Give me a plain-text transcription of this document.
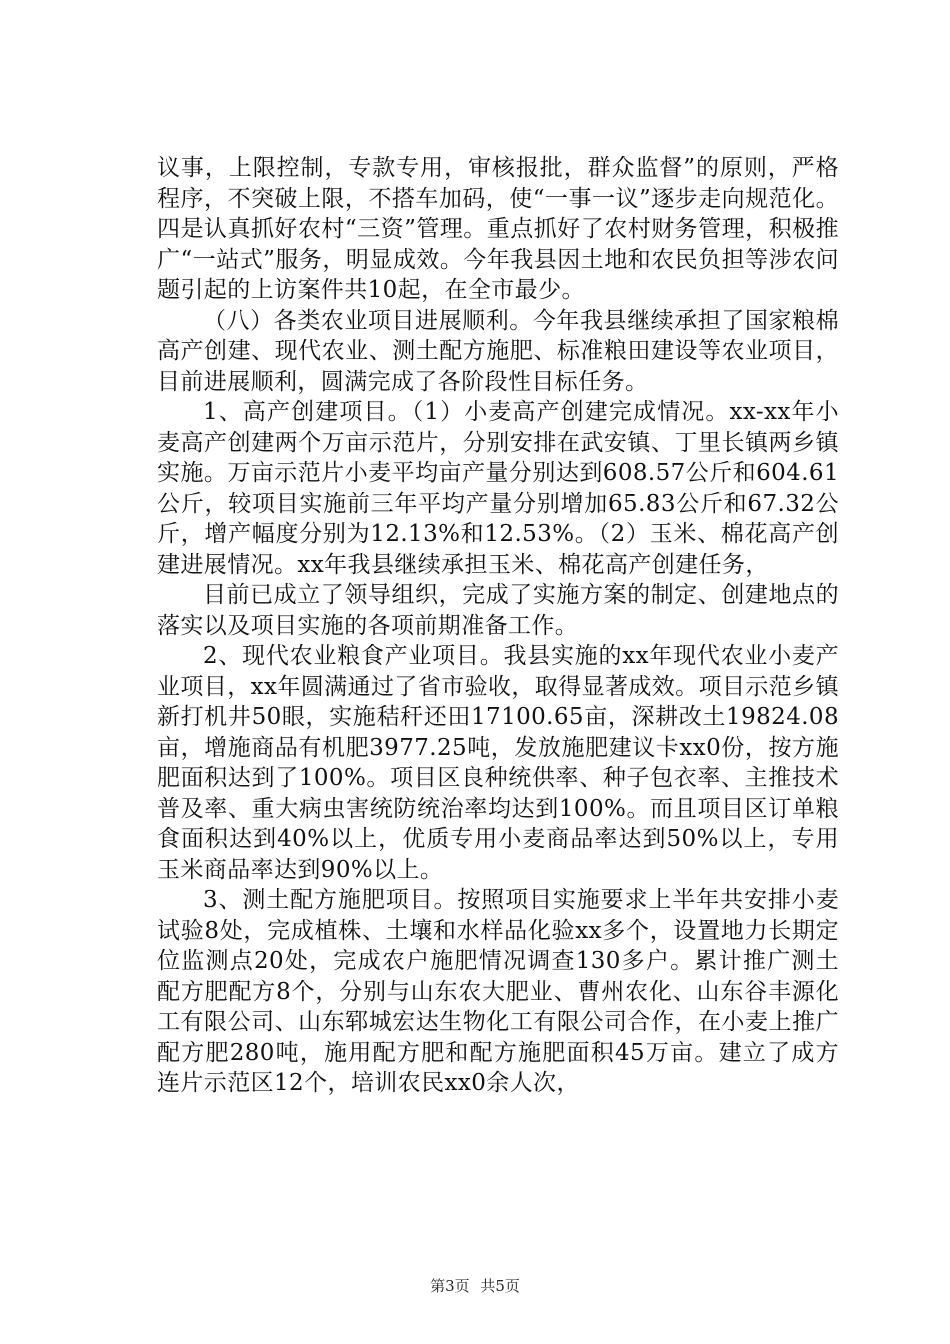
议事，上限控制，专款专用，审核报批，群众监督”的原则，严格程序，不突破上限，不搭车加码，使“一事一议”逐步走向规范化。四是认真抓好农村“三资”管理。重点抓好了农村财务管理，积极推广“一站式”服务，明显成效。今年我县因土地和农民负担等涉农问题引起的上访案件共10起，在全市最少。

（八）各类农业项目进展顺利。今年我县继续承担了国家粮棉高产创建、现代农业、测土配方施肥、标准粮田建设等农业项目，目前进展顺利，圆满完成了各阶段性目标任务。

1、高产创建项目。（1）小麦高产创建完成情况。xx-xx年小麦高产创建两个万亩示范片，分别安排在武安镇、丁里长镇两乡镇实施。万亩示范片小麦平均亩产量分别达到608.57公斤和604.61公斤，较项目实施前三年平均产量分别增加65.83公斤和67.32公斤，增产幅度分别为12.13%和12.53%。（2）玉米、棉花高产创建进展情况。xx年我县继续承担玉米、棉花高产创建任务，

目前已成立了领导组织，完成了实施方案的制定、创建地点的落实以及项目实施的各项前期准备工作。

2、现代农业粮食产业项目。我县实施的xx年现代农业小麦产业项目，xx年圆满通过了省市验收，取得显著成效。项目示范乡镇新打机井50眼，实施秸秆还田17100.65亩，深耕改土19824.08亩，增施商品有机肥3977.25吨，发放施肥建议卡xx0份，按方施肥面积达到了100%。项目区良种统供率、种子包衣率、主推技术普及率、重大病虫害统防统治率均达到100%。而且项目区订单粮食面积达到40%以上，优质专用小麦商品率达到50%以上，专用玉米商品率达到90%以上。

3、测土配方施肥项目。按照项目实施要求上半年共安排小麦试验8处，完成植株、土壤和水样品化验xx多个，设置地力长期定位监测点20处，完成农户施肥情况调查130多户。累计推广测土配方肥配方8个，分别与山东农大肥业、曹州农化、山东谷丰源化工有限公司、山东郓城宏达生物化工有限公司合作，在小麦上推广配方肥280吨，施用配方肥和配方施肥面积45万亩。建立了成方连片示范区12个，培训农民xx0余人次，

第3页 共5页
